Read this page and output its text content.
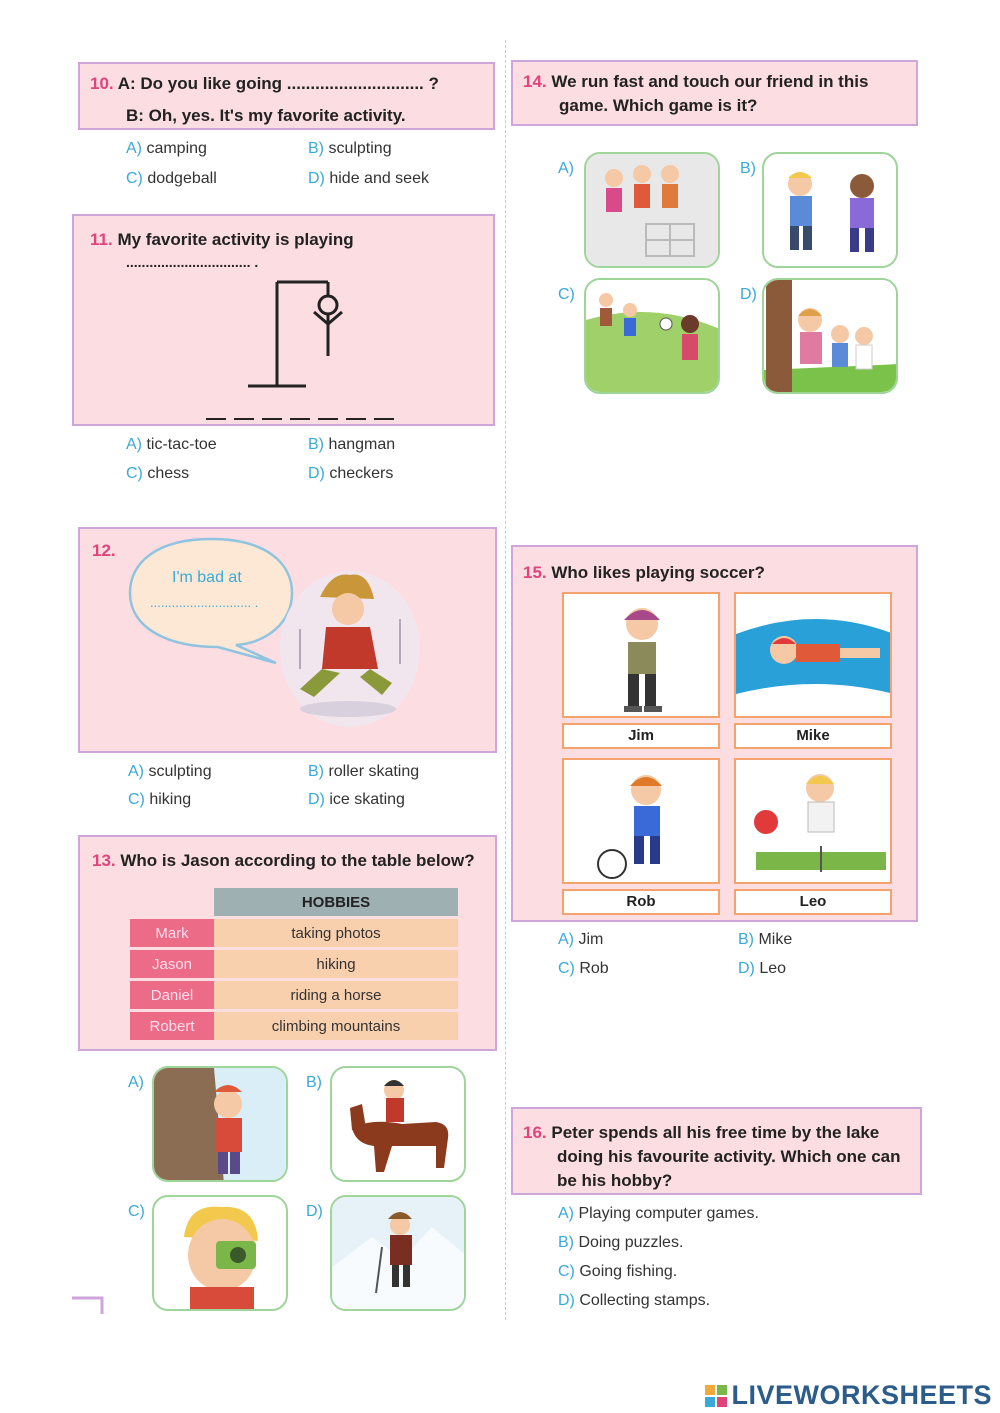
10. A: Do you like going ............................. ?
B: Oh, yes. It's my favorite activity.
A) camping	B) sculpting
C) dodgeball	D) hide and seek
11. My favorite activity is playing
................................ .
A) tic-tac-toe	B) hangman
C) chess	D) checkers
12.
I'm bad at
............................ .
A) sculpting	B) roller skating
C) hiking	D) ice skating
13. Who is Jason according to the table below?
	HOBBIES
Mark	taking photos
Jason	hiking
Daniel	riding a horse
Robert	climbing mountains
A)	B)
C)	D)
14. We run fast and touch our friend in this
game. Which game is it?
A)	B)
C)	D)
15. Who likes playing soccer?
Jim	Mike
Rob	Leo
A) Jim	B) Mike
C) Rob	D) Leo
16. Peter spends all his free time by the lake
doing his favourite activity. Which one can
be his hobby?
A) Playing computer games.
B) Doing puzzles.
C) Going fishing.
D) Collecting stamps.
LIVEWORKSHEETS
